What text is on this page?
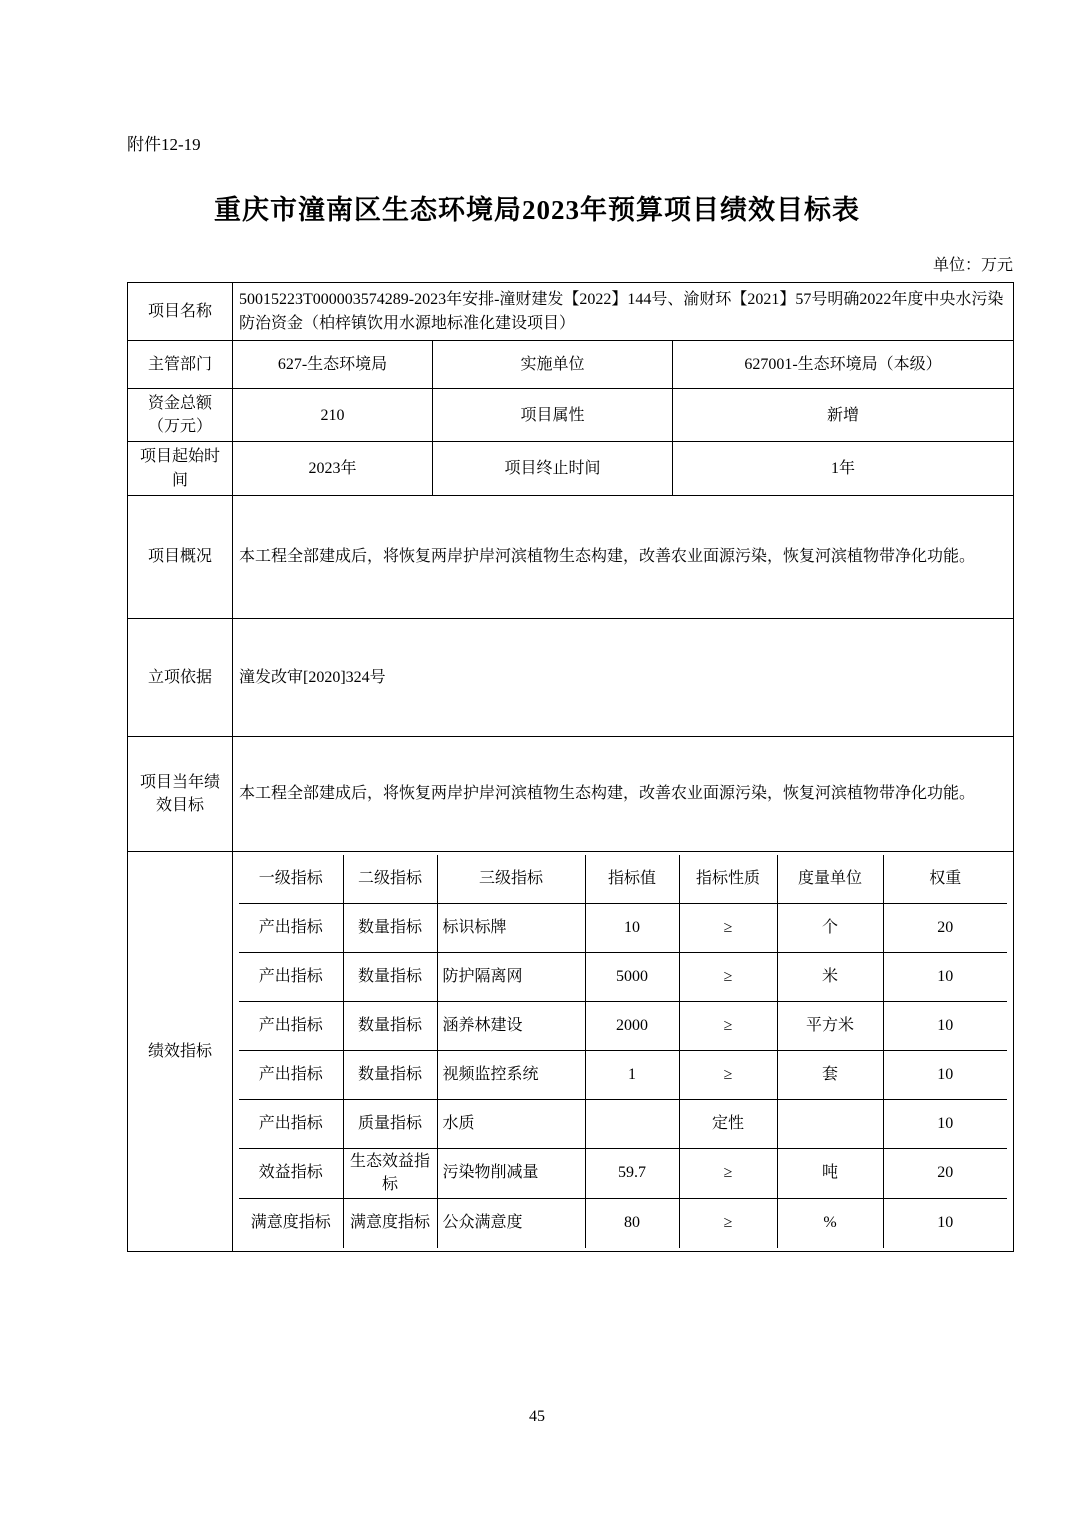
附件12-19
重庆市潼南区生态环境局2023年预算项目绩效目标表
单位：万元
项目名称	50015223T000003574289-2023年安排-潼财建发【2022】144号、渝财环【2021】57号明确2022年度中央水污染防治资金（柏梓镇饮用水源地标准化建设项目）
主管部门	627-生态环境局	实施单位	627001-生态环境局（本级）
资金总额（万元）	210	项目属性	新增
项目起始时间	2023年	项目终止时间	1年
项目概况	本工程全部建成后，将恢复两岸护岸河滨植物生态构建，改善农业面源污染，恢复河滨植物带净化功能。
立项依据	潼发改审[2020]324号
项目当年绩效目标	本工程全部建成后，将恢复两岸护岸河滨植物生态构建，改善农业面源污染，恢复河滨植物带净化功能。
绩效指标	
一级指标	二级指标	三级指标	指标值	指标性质	度量单位	权重
产出指标	数量指标	标识标牌	10	≥	个	20
产出指标	数量指标	防护隔离网	5000	≥	米	10
产出指标	数量指标	涵养林建设	2000	≥	平方米	10
产出指标	数量指标	视频监控系统	1	≥	套	10
产出指标	质量指标	水质		定性		10
效益指标	生态效益指标	污染物削减量	59.7	≥	吨	20
满意度指标	满意度指标	公众满意度	80	≥	%	10
45
